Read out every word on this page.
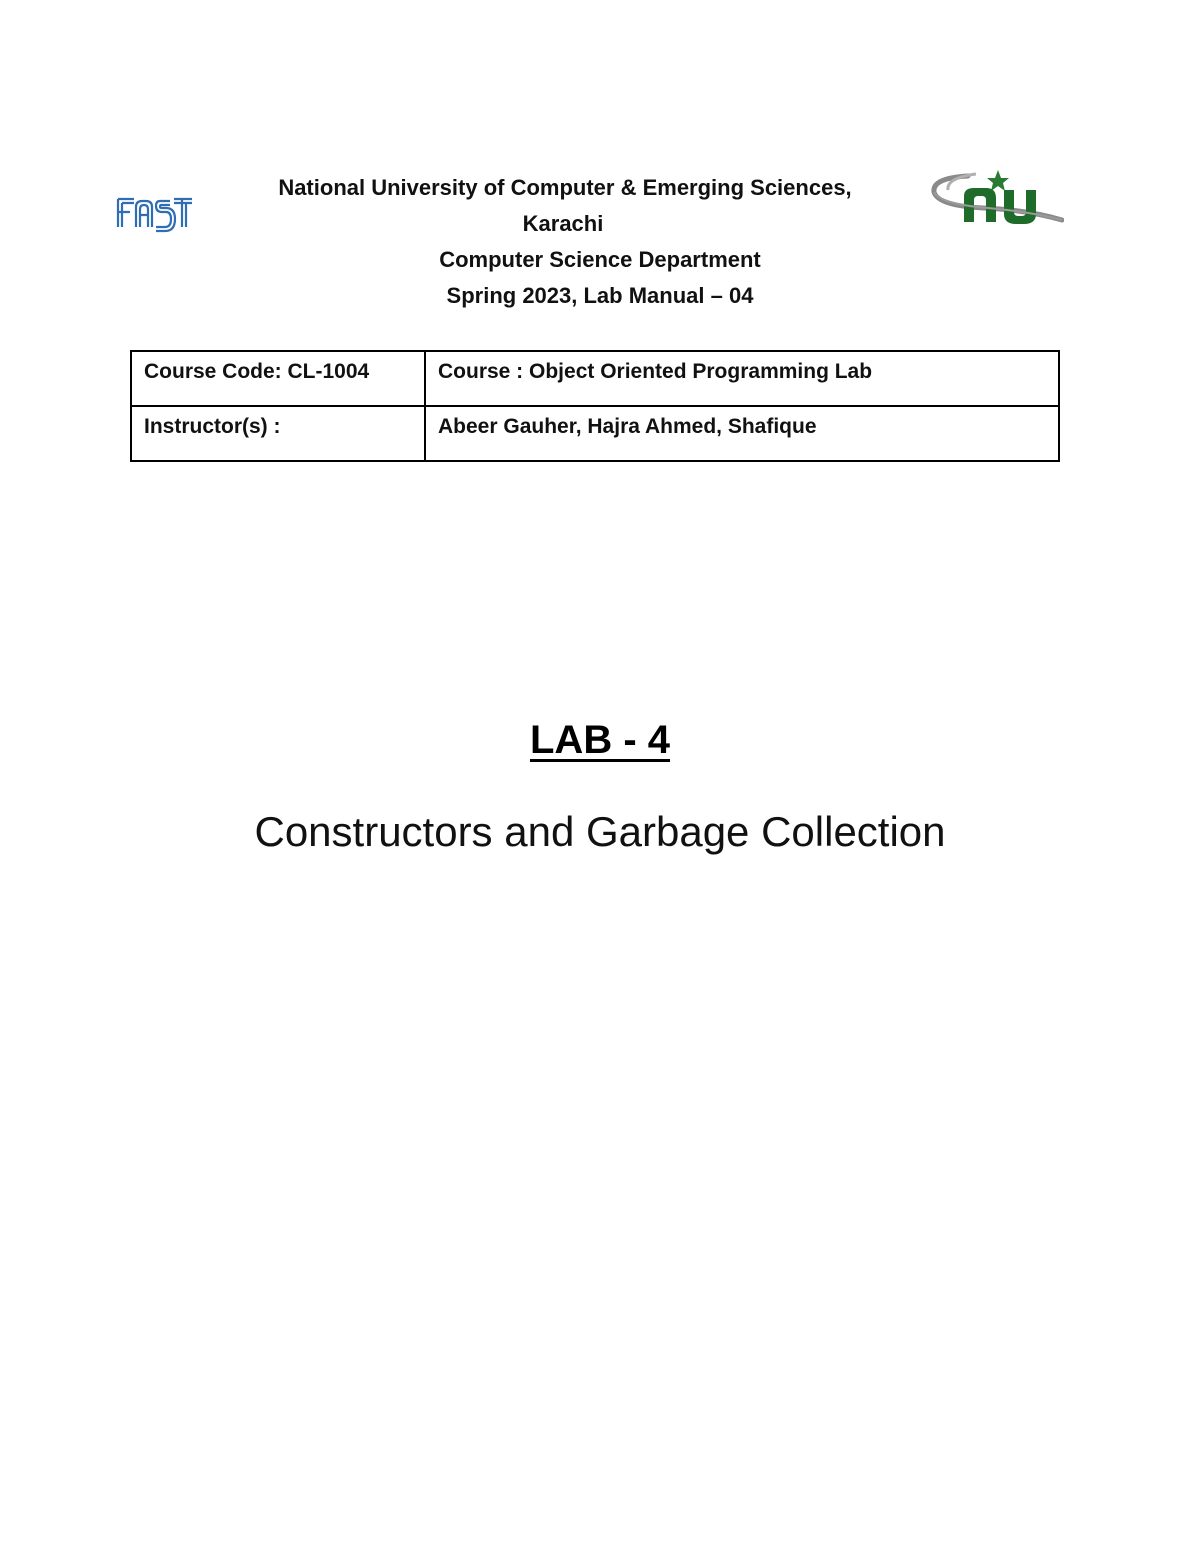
National University of Computer & Emerging Sciences,
Karachi
Computer Science Department
Spring 2023, Lab Manual – 04
Course Code: CL-1004	Course : Object Oriented Programming Lab
Instructor(s) :	Abeer Gauher, Hajra Ahmed, Shafique
LAB - 4
Constructors and Garbage Collection
